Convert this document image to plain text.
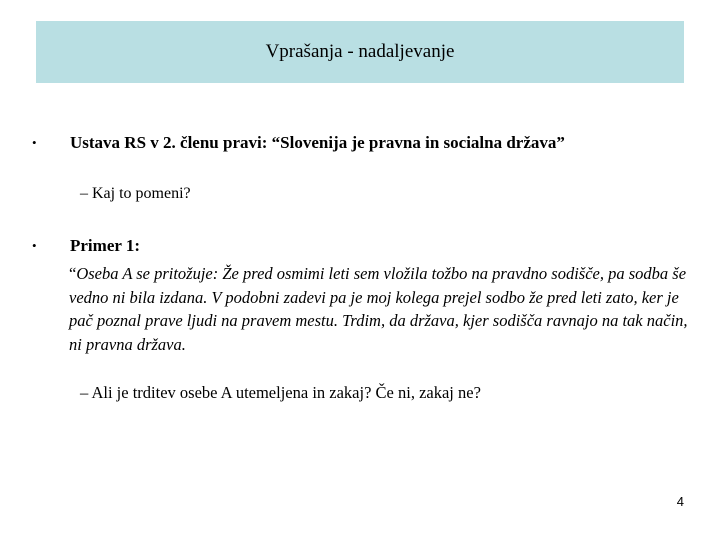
Vprašanja - nadaljevanje
• Ustava RS v 2. členu pravi: “Slovenija je pravna in socialna država”
– Kaj to pomeni?
• Primer 1:
“Oseba A se pritožuje: Že pred osmimi leti sem vložila tožbo na pravdno sodišče, pa sodba še vedno ni bila izdana. V podobni zadevi pa je moj kolega prejel sodbo že pred leti zato, ker je pač poznal prave ljudi na pravem mestu. Trdim, da država, kjer sodišča ravnajo na tak način, ni pravna država.
– Ali je trditev osebe A utemeljena in zakaj? Če ni, zakaj ne?
4
